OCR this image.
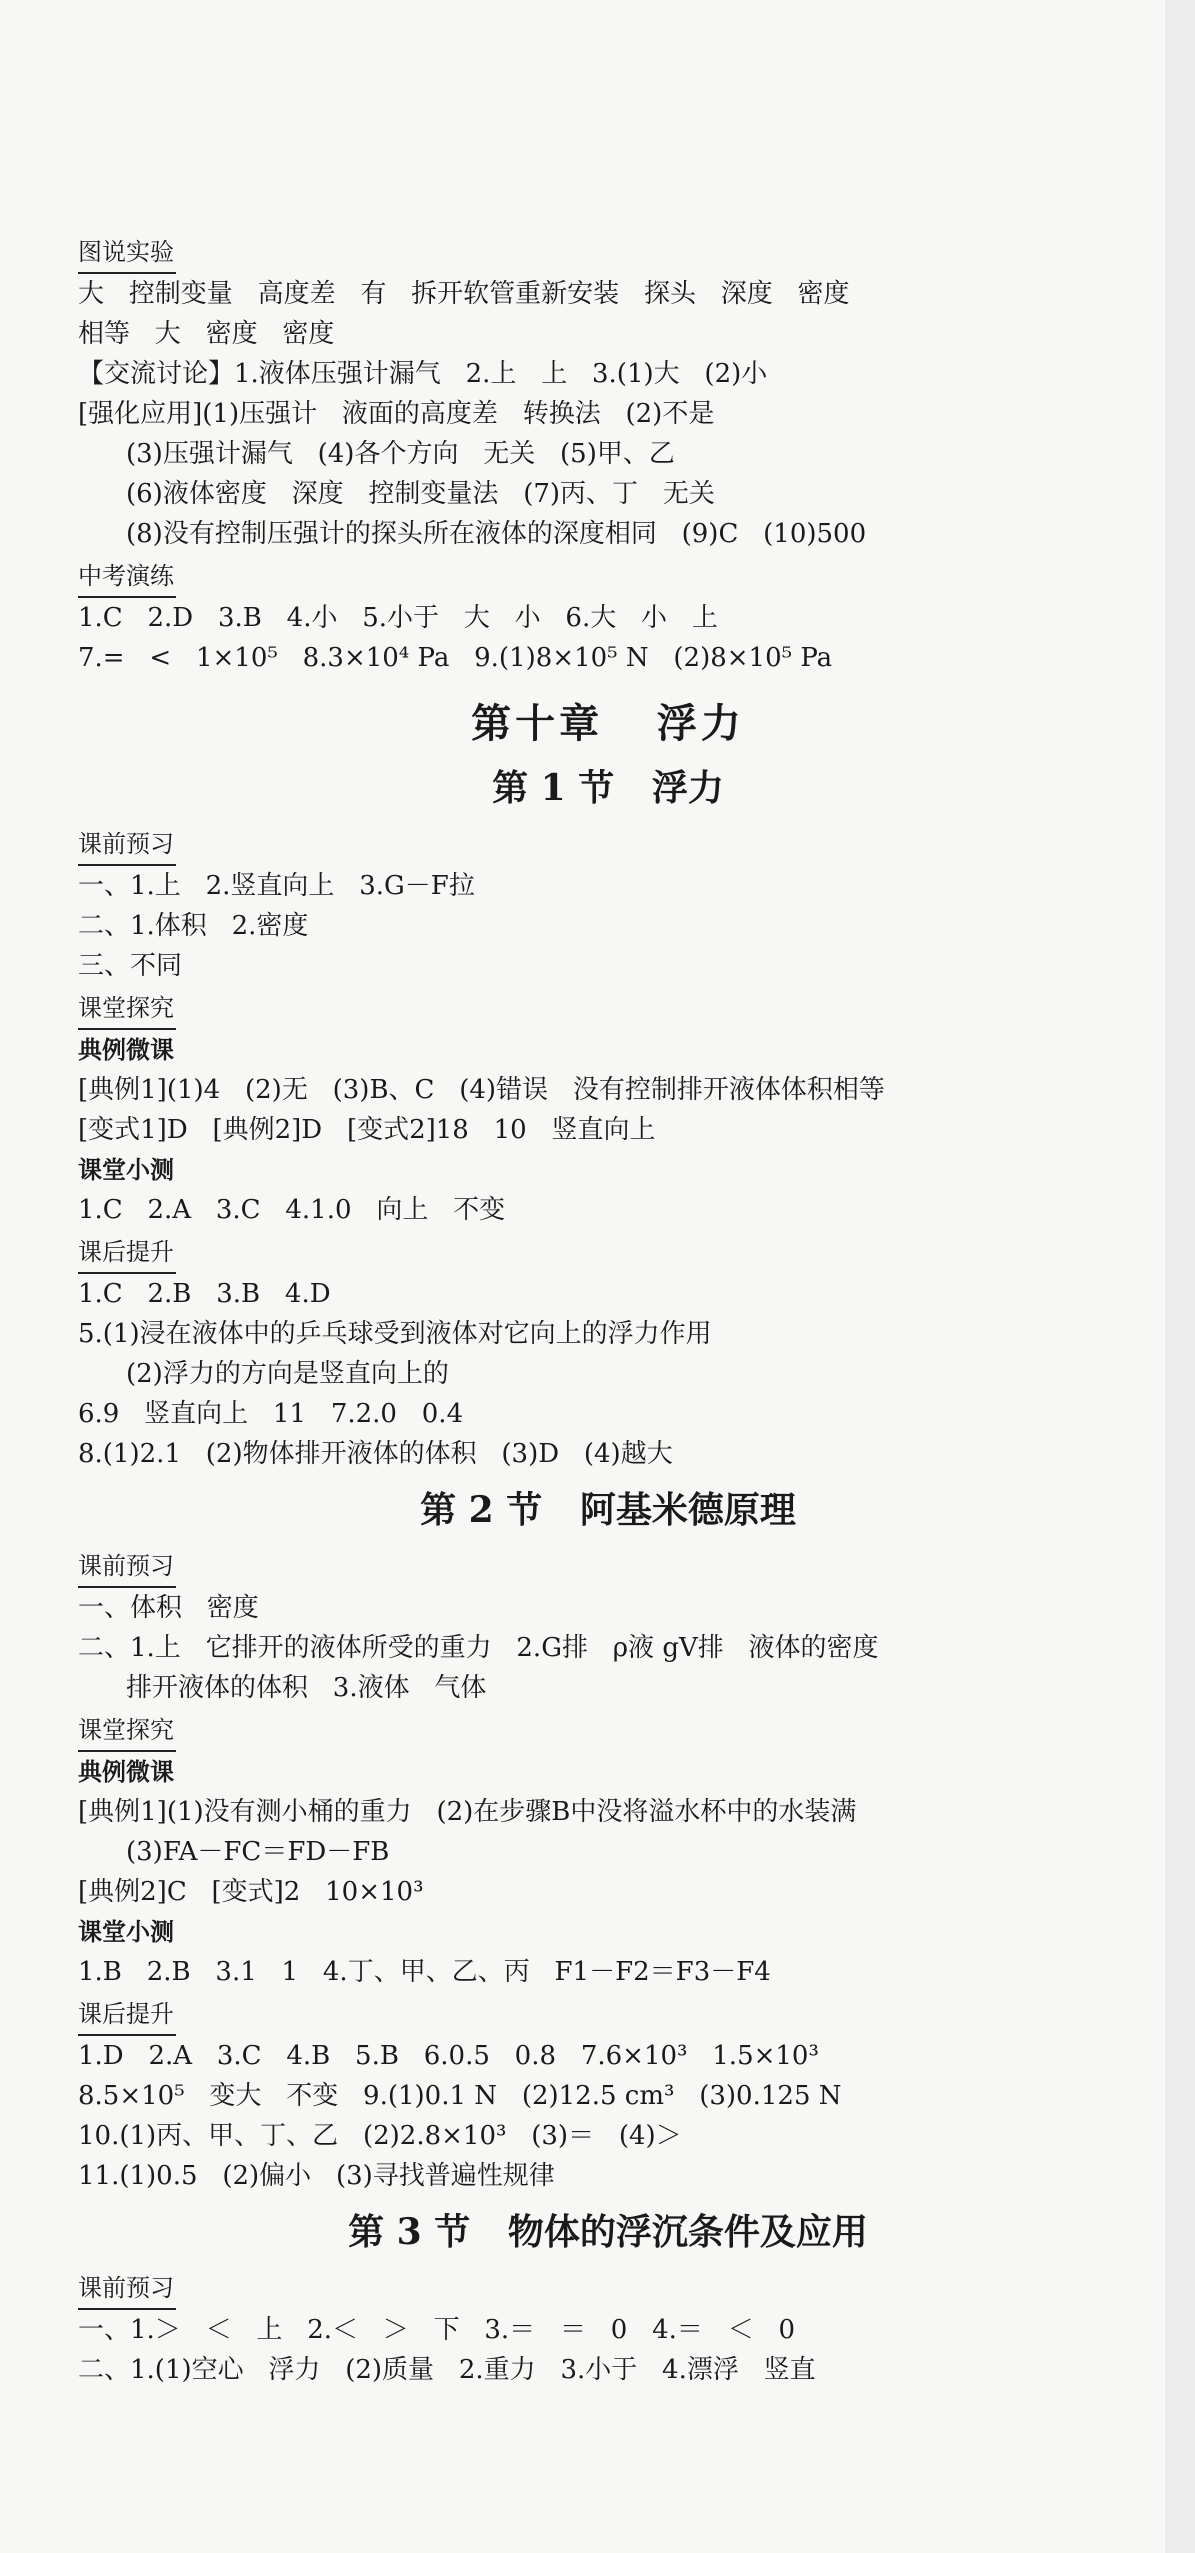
图说实验
大   控制变量   高度差   有   拆开软管重新安装   探头   深度   密度
相等   大   密度   密度
【交流讨论】1.液体压强计漏气   2.上   上   3.(1)大   (2)小
[强化应用](1)压强计   液面的高度差   转换法   (2)不是
(3)压强计漏气   (4)各个方向   无关   (5)甲、乙
(6)液体密度   深度   控制变量法   (7)丙、丁   无关
(8)没有控制压强计的探头所在液体的深度相同   (9)C   (10)500
中考演练
1.C   2.D   3.B   4.小   5.小于   大   小   6.大   小   上
7.=   <   1×10⁵   8.3×10⁴ Pa   9.(1)8×10⁵ N   (2)8×10⁵ Pa
第十章   浮力
第 1 节   浮力
课前预习
一、1.上   2.竖直向上   3.G－F拉
二、1.体积   2.密度
三、不同
课堂探究
典例微课
[典例1](1)4   (2)无   (3)B、C   (4)错误   没有控制排开液体体积相等
[变式1]D   [典例2]D   [变式2]18   10   竖直向上
课堂小测
1.C   2.A   3.C   4.1.0   向上   不变
课后提升
1.C   2.B   3.B   4.D
5.(1)浸在液体中的乒乓球受到液体对它向上的浮力作用
(2)浮力的方向是竖直向上的
6.9   竖直向上   11   7.2.0   0.4
8.(1)2.1   (2)物体排开液体的体积   (3)D   (4)越大
第 2 节   阿基米德原理
课前预习
一、体积   密度
二、1.上   它排开的液体所受的重力   2.G排   ρ液 gV排   液体的密度
排开液体的体积   3.液体   气体
课堂探究
典例微课
[典例1](1)没有测小桶的重力   (2)在步骤B中没将溢水杯中的水装满
(3)FA－FC＝FD－FB
[典例2]C   [变式]2   10×10³
课堂小测
1.B   2.B   3.1   1   4.丁、甲、乙、丙   F1－F2＝F3－F4
课后提升
1.D   2.A   3.C   4.B   5.B   6.0.5   0.8   7.6×10³   1.5×10³
8.5×10⁵   变大   不变   9.(1)0.1 N   (2)12.5 cm³   (3)0.125 N
10.(1)丙、甲、丁、乙   (2)2.8×10³   (3)＝   (4)＞
11.(1)0.5   (2)偏小   (3)寻找普遍性规律
第 3 节   物体的浮沉条件及应用
课前预习
一、1.＞   ＜   上   2.＜   ＞   下   3.＝   ＝   0   4.＝   ＜   0
二、1.(1)空心   浮力   (2)质量   2.重力   3.小于   4.漂浮   竖直
